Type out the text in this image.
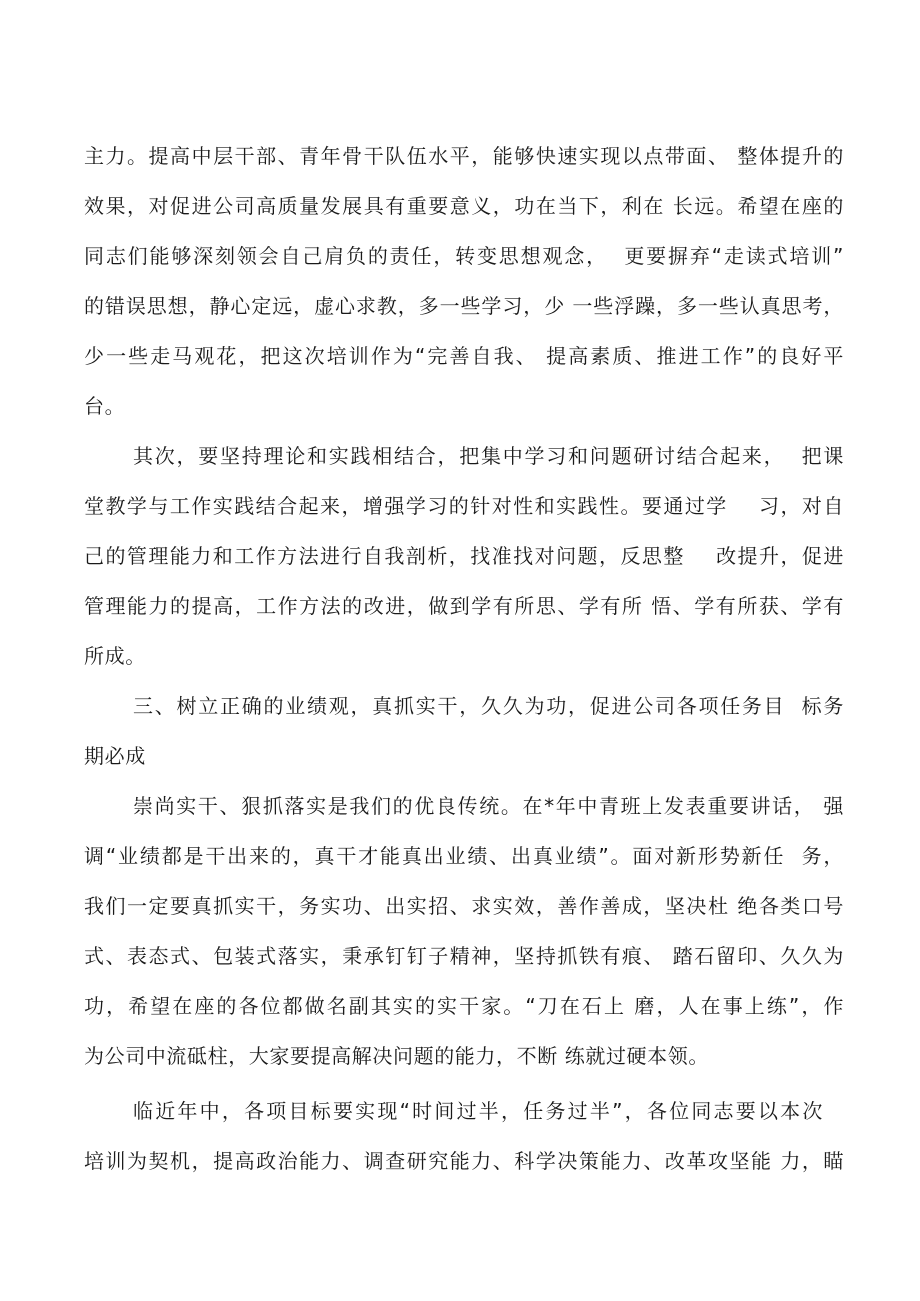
主力。提高中层干部、青年骨干队伍水平，能够快速实现以点带面、 整体提升的
效果，对促进公司高质量发展具有重要意义，功在当下，利在 长远。希望在座的
同志们能够深刻领会自己肩负的责任，转变思想观念，  更要摒弃“走读式培训”
的错误思想，静心定远，虚心求教，多一些学习，少 一些浮躁，多一些认真思考，
少一些走马观花，把这次培训作为“完善自我、 提高素质、推进工作”的良好平
台。
其次，要坚持理论和实践相结合，把集中学习和问题研讨结合起来，  把课
堂教学与工作实践结合起来，增强学习的针对性和实践性。要通过学    习，对自
己的管理能力和工作方法进行自我剖析，找准找对问题，反思整    改提升，促进
管理能力的提高，工作方法的改进，做到学有所思、学有所 悟、学有所获、学有
所成。
三、树立正确的业绩观，真抓实干，久久为功，促进公司各项任务目  标务
期必成
崇尚实干、狠抓落实是我们的优良传统。在*年中青班上发表重要讲话， 强
调“业绩都是干出来的，真干才能真出业绩、出真业绩”。面对新形势新任  务，
我们一定要真抓实干，务实功、出实招、求实效，善作善成，坚决杜 绝各类口号
式、表态式、包装式落实，秉承钉钉子精神，坚持抓铁有痕、 踏石留印、久久为
功，希望在座的各位都做名副其实的实干家。“刀在石上 磨，人在事上练”，作
为公司中流砥柱，大家要提高解决问题的能力，不断 练就过硬本领。
临近年中，各项目标要实现“时间过半，任务过半”，各位同志要以本次
培训为契机，提高政治能力、调查研究能力、科学决策能力、改革攻坚能 力，瞄
